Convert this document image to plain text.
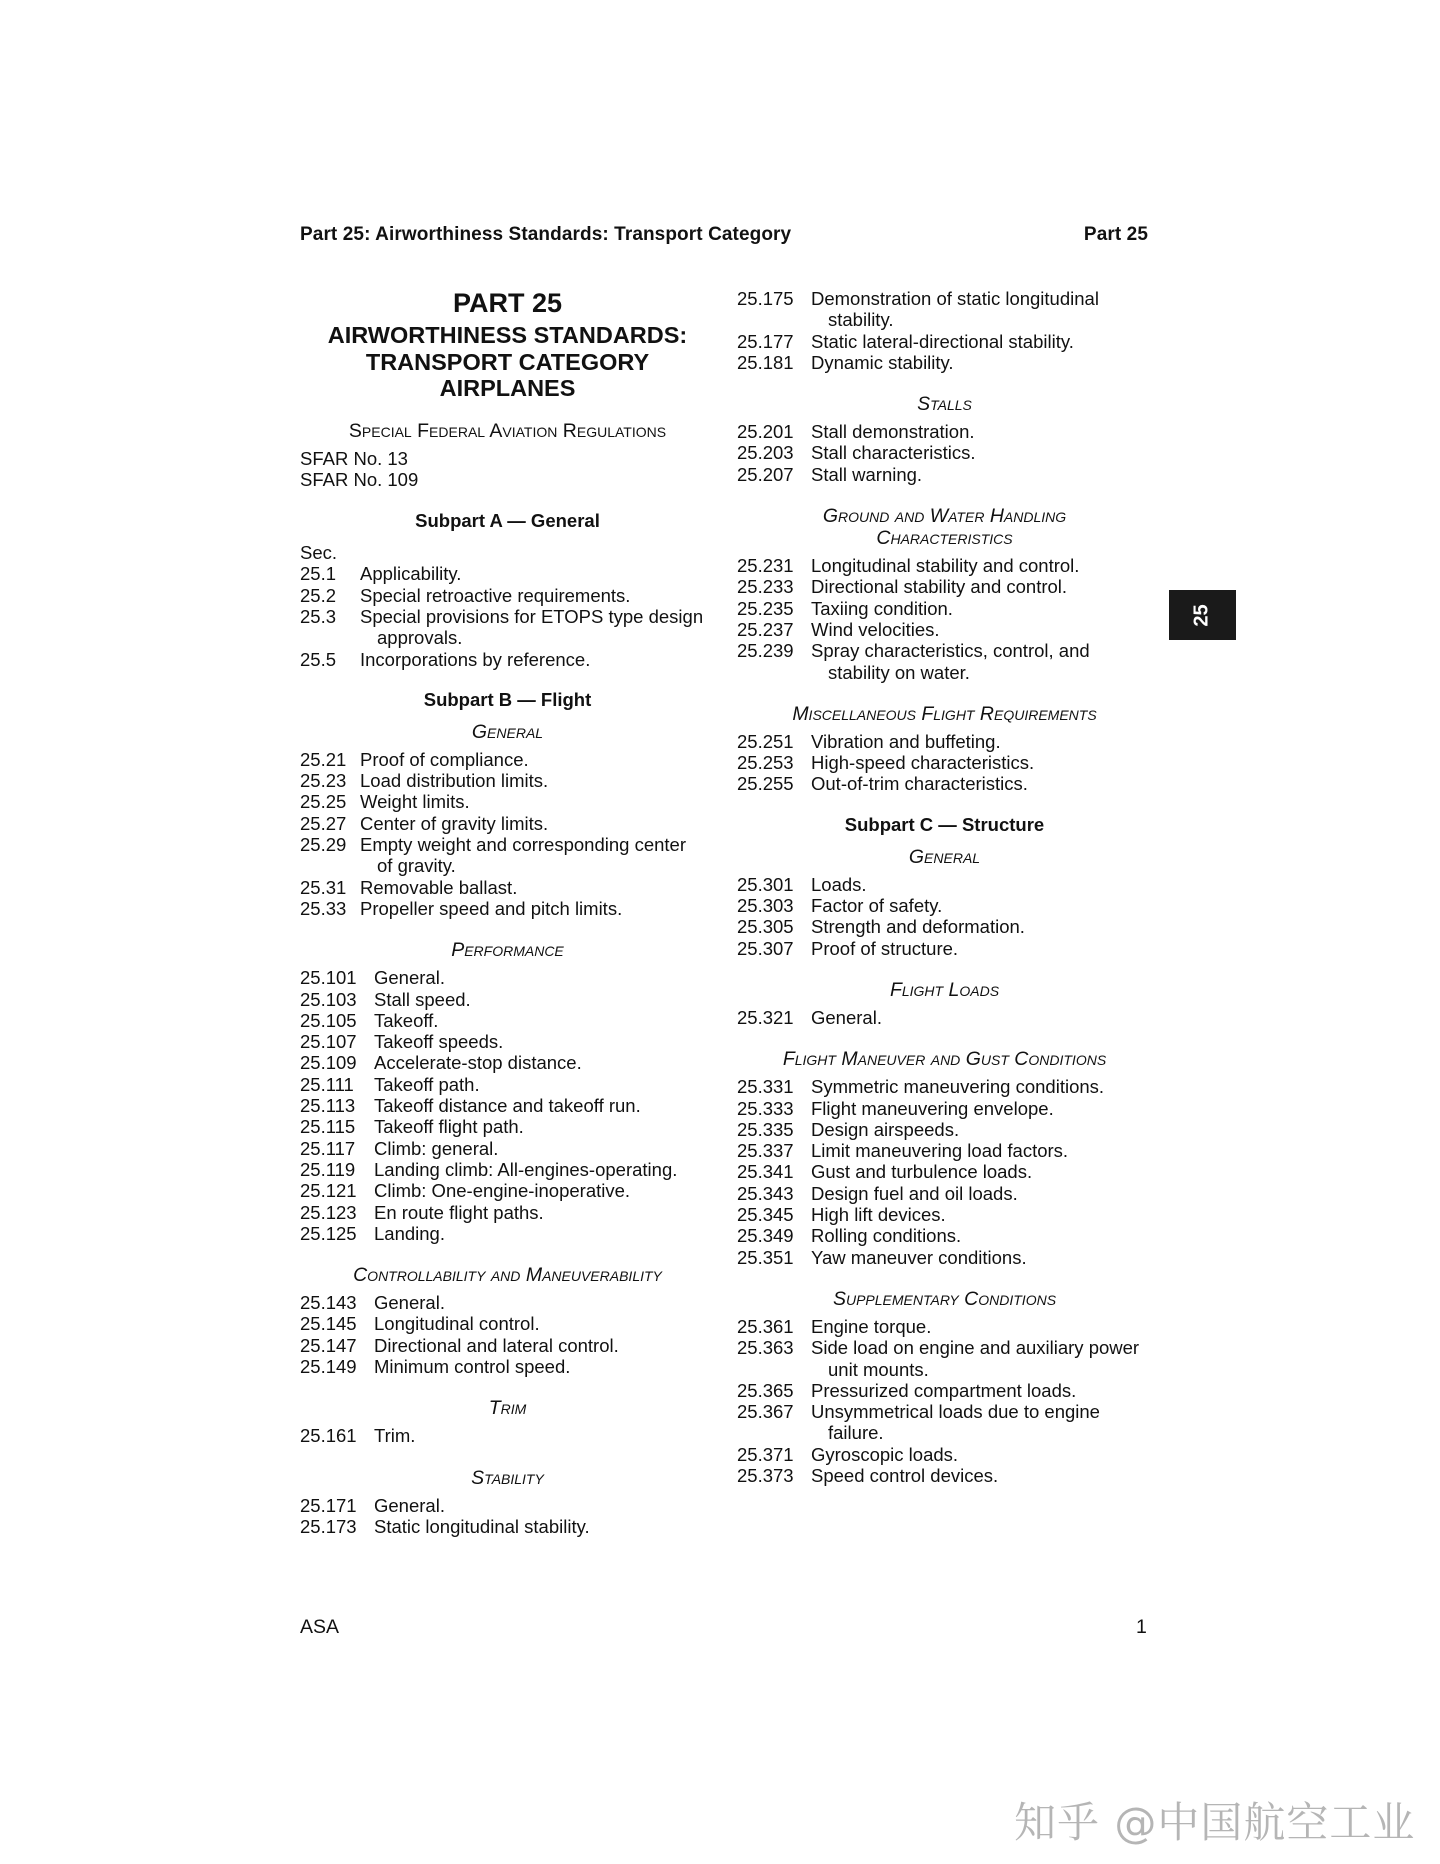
Part 25: Airworthiness Standards: Transport Category	Part 25
PART 25
AIRWORTHINESS STANDARDS:
TRANSPORT CATEGORY
AIRPLANES
Special Federal Aviation Regulations
SFAR No. 13
SFAR No. 109
Subpart A — General
Sec.
25.1	Applicability.
25.2	Special retroactive requirements.
25.3	Special provisions for ETOPS type design
approvals.
25.5	Incorporations by reference.
Subpart B — Flight
General
25.21 Proof of compliance.
25.23 Load distribution limits.
25.25 Weight limits.
25.27 Center of gravity limits.
25.29 Empty weight and corresponding center
of gravity.
25.31 Removable ballast.
25.33 Propeller speed and pitch limits.
Performance
25.101 General.
25.103 Stall speed.
25.105 Takeoff.
25.107 Takeoff speeds.
25.109 Accelerate-stop distance.
25.111	Takeoff path.
25.113	Takeoff distance and takeoff run.
25.115	Takeoff flight path.
25.117	Climb: general.
25.119	Landing climb: All-engines-operating.
25.121 Climb: One-engine-inoperative.
25.123 En route flight paths.
25.125 Landing.
Controllability and Maneuverability
25.143 General.
25.145 Longitudinal control.
25.147 Directional and lateral control.
25.149 Minimum control speed.
Trim
25.161 Trim.
Stability
25.171 General.
25.173 Static longitudinal stability.
25.175 Demonstration of static longitudinal
stability.
25.177 Static lateral-directional stability.
25.181 Dynamic stability.
Stalls
25.201 Stall demonstration.
25.203 Stall characteristics.
25.207 Stall warning.
Ground and Water Handling
Characteristics
25.231 Longitudinal stability and control.
25.233 Directional stability and control.
25.235 Taxiing condition.
25.237 Wind velocities.
25.239 Spray characteristics, control, and
stability on water.
Miscellaneous Flight Requirements
25.251 Vibration and buffeting.
25.253 High-speed characteristics.
25.255 Out-of-trim characteristics.
Subpart C — Structure
General
25.301 Loads.
25.303 Factor of safety.
25.305 Strength and deformation.
25.307 Proof of structure.
Flight Loads
25.321 General.
Flight Maneuver and Gust Conditions
25.331 Symmetric maneuvering conditions.
25.333 Flight maneuvering envelope.
25.335 Design airspeeds.
25.337 Limit maneuvering load factors.
25.341 Gust and turbulence loads.
25.343 Design fuel and oil loads.
25.345 High lift devices.
25.349 Rolling conditions.
25.351 Yaw maneuver conditions.
Supplementary Conditions
25.361 Engine torque.
25.363 Side load on engine and auxiliary power
unit mounts.
25.365 Pressurized compartment loads.
25.367 Unsymmetrical loads due to engine
failure.
25.371 Gyroscopic loads.
25.373 Speed control devices.
25
ASA	1
知乎 @中国航空工业
